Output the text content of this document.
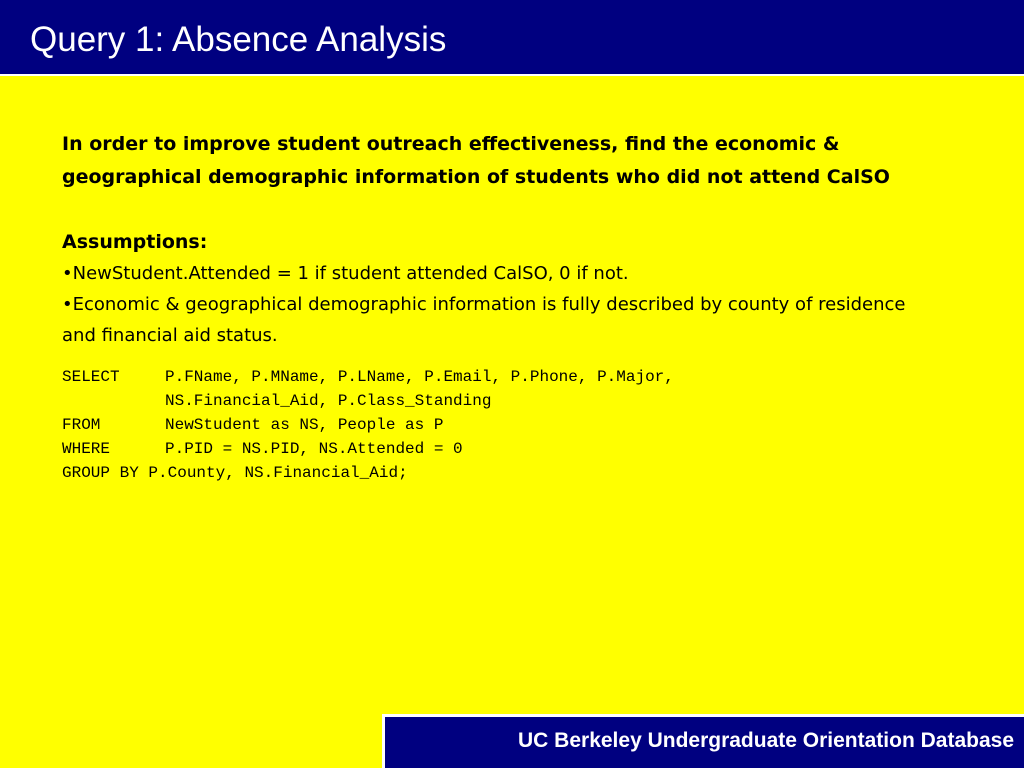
Query 1: Absence Analysis

In order to improve student outreach effectiveness, find the economic & geographical demographic information of students who did not attend CalSO

Assumptions:

•NewStudent.Attended = 1 if student attended CalSO, 0 if not.

•Economic & geographical demographic information is fully described by county of residence and financial aid status.

SELECT	P.FName, P.MName, P.LName, P.Email, P.Phone, P.Major,
NS.Financial_Aid, P.Class_Standing
FROM	NewStudent as NS, People as P
WHERE	P.PID = NS.PID, NS.Attended = 0
GROUP BY
P.County, NS.Financial_Aid;
UC Berkeley Undergraduate Orientation Database
